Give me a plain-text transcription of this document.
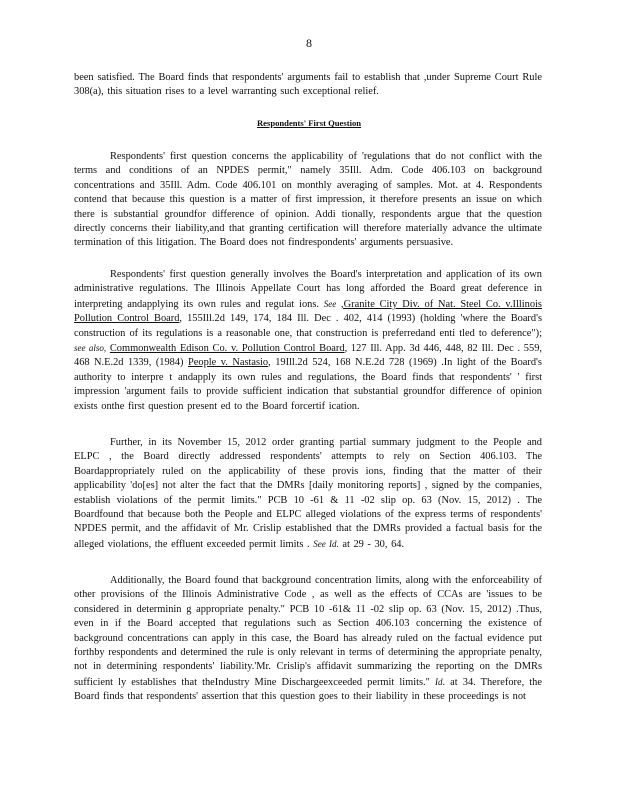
8

been satisfied. The Board finds that respondents' arguments fail to establish that ,under Supreme Court Rule 308(a), this situation rises to a level warranting such exceptional relief.

Respondents' First Question

Respondents' first question concerns the applicability of 'regulations that do not conflict with the terms and conditions of an NPDES permit," namely 35Ill. Adm. Code 406.103 on background concentrations and 35Ill. Adm. Code 406.101 on monthly averaging of samples. Mot. at 4. Respondents contend that because this question is a matter of first impression, it therefore presents an issue on which there is substantial groundfor difference of opinion. Addi tionally, respondents argue that the question directly concerns their liability,and that granting certification will therefore materially advance the ultimate termination of this litigation. The Board does not findrespondents' arguments persuasive.

Respondents' first question generally involves the Board's interpretation and application of its own administrative regulations. The Illinois Appellate Court has long afforded the Board great deference in interpreting andapplying its own rules and regulat ions. See ,Granite City Div. of Nat. Steel Co. v.Illinois Pollution Control Board, 155Ill.2d 149, 174, 184 Ill. Dec . 402, 414 (1993) (holding 'where the Board's construction of its regulations is a reasonable one, that construction is preferredand enti tled to deference"); see also, Commonwealth Edison Co. v. Pollution Control Board, 127 Ill. App. 3d 446, 448, 82 Ill. Dec . 559, 468 N.E.2d 1339, (1984) People v. Nastasio, 19Ill.2d 524, 168 N.E.2d 728 (1969) .In light of the Board's authority to interpre t andapply its own rules and regulations, the Board finds that respondents' ' first impression 'argument fails to provide sufficient indication that substantial groundfor difference of opinion exists onthe first question present ed to the Board forcertif ication.

Further, in its November 15, 2012 order granting partial summary judgment to the People and ELPC , the Board directly addressed respondents' attempts to rely on Section 406.103. The Boardappropriately ruled on the applicability of these provis ions, finding that the matter of their applicability 'do[es] not alter the fact that the DMRs [daily monitoring reports] , signed by the companies, establish violations of the permit limits." PCB 10 -61 & 11 -02 slip op. 63 (Nov. 15, 2012) . The Boardfound that because both the People and ELPC alleged violations of the express terms of respondents' NPDES permit, and the affidavit of Mr. Crislip established that the DMRs provided a factual basis for the alleged violations, the effluent exceeded permit limits . See Id. at 29 - 30, 64.

Additionally, the Board found that background concentration limits, along with the enforceability of other provisions of the Illinois Administrative Code , as well as the effects of CCAs are 'issues to be considered in determinin g appropriate penalty." PCB 10 -61& 11 -02 slip op. 63 (Nov. 15, 2012) .Thus, even in if the Board accepted that regulations such as Section 406.103 concerning the existence of background concentrations can apply in this case, the Board has already ruled on the factual evidence put forthby respondents and determined the rule is only relevant in terms of determining the appropriate penalty, not in determining respondents' liability.'Mr. Crislip's affidavit summarizing the reporting on the DMRs sufficient ly establishes that theIndustry Mine Dischargeexceeded permit limits." Id. at 34. Therefore, the Board finds that respondents' assertion that this question goes to their liability in these proceedings is not
